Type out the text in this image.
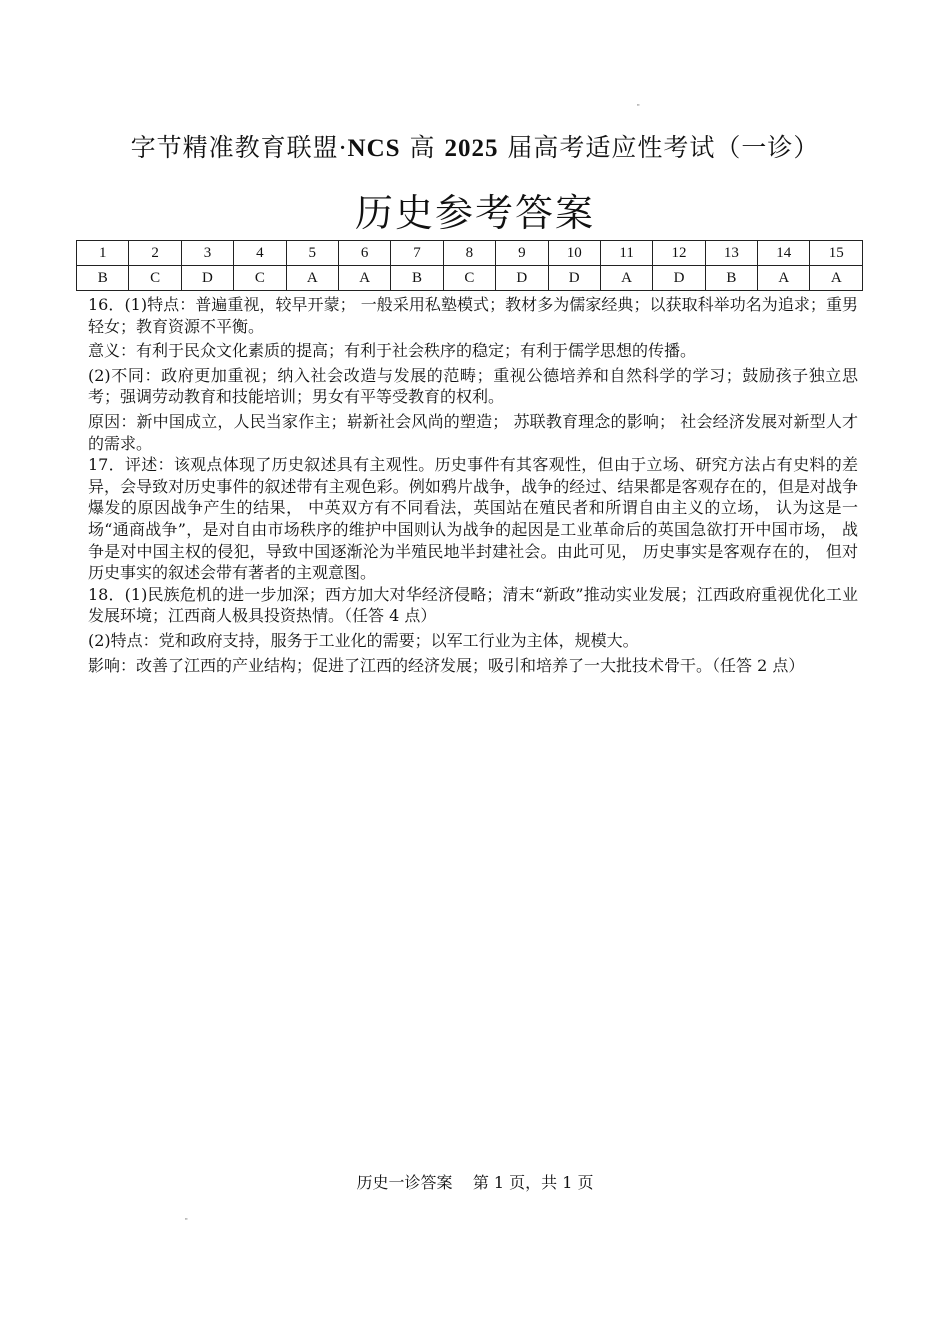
"
字节精准教育联盟·NCS 高 2025 届高考适应性考试（一诊）
历史参考答案
1	2	3	4	5	6	7	8	9	10	11	12	13	14	15
B	C	D	C	A	A	B	C	D	D	A	D	B	A	A

16．(1)特点：普遍重视，较早开蒙； 一般采用私塾模式；教材多为儒家经典；以获取科举功名为追求；重男轻女；教育资源不平衡。

意义：有利于民众文化素质的提高；有利于社会秩序的稳定；有利于儒学思想的传播。

(2)不同：政府更加重视；纳入社会改造与发展的范畴；重视公德培养和自然科学的学习；鼓励孩子独立思考；强调劳动教育和技能培训；男女有平等受教育的权利。

原因：新中国成立，人民当家作主；崭新社会风尚的塑造； 苏联教育理念的影响； 社会经济发展对新型人才的需求。

17．评述：该观点体现了历史叙述具有主观性。历史事件有其客观性，但由于立场、研究方法占有史料的差异，会导致对历史事件的叙述带有主观色彩。例如鸦片战争，战争的经过、结果都是客观存在的，但是对战争爆发的原因战争产生的结果， 中英双方有不同看法，英国站在殖民者和所谓自由主义的立场， 认为这是一场“通商战争”，是对自由市场秩序的维护中国则认为战争的起因是工业革命后的英国急欲打开中国市场， 战争是对中国主权的侵犯，导致中国逐渐沦为半殖民地半封建社会。由此可见， 历史事实是客观存在的， 但对历史事实的叙述会带有著者的主观意图。

18．(1)民族危机的进一步加深；西方加大对华经济侵略；清末“新政”推动实业发展；江西政府重视优化工业发展环境；江西商人极具投资热情。（任答 4 点）

(2)特点：党和政府支持，服务于工业化的需要；以军工行业为主体，规模大。

影响：改善了江西的产业结构；促进了江西的经济发展；吸引和培养了一大批技术骨干。（任答 2 点）

历史一诊答案    第 1 页，共 1 页
"
